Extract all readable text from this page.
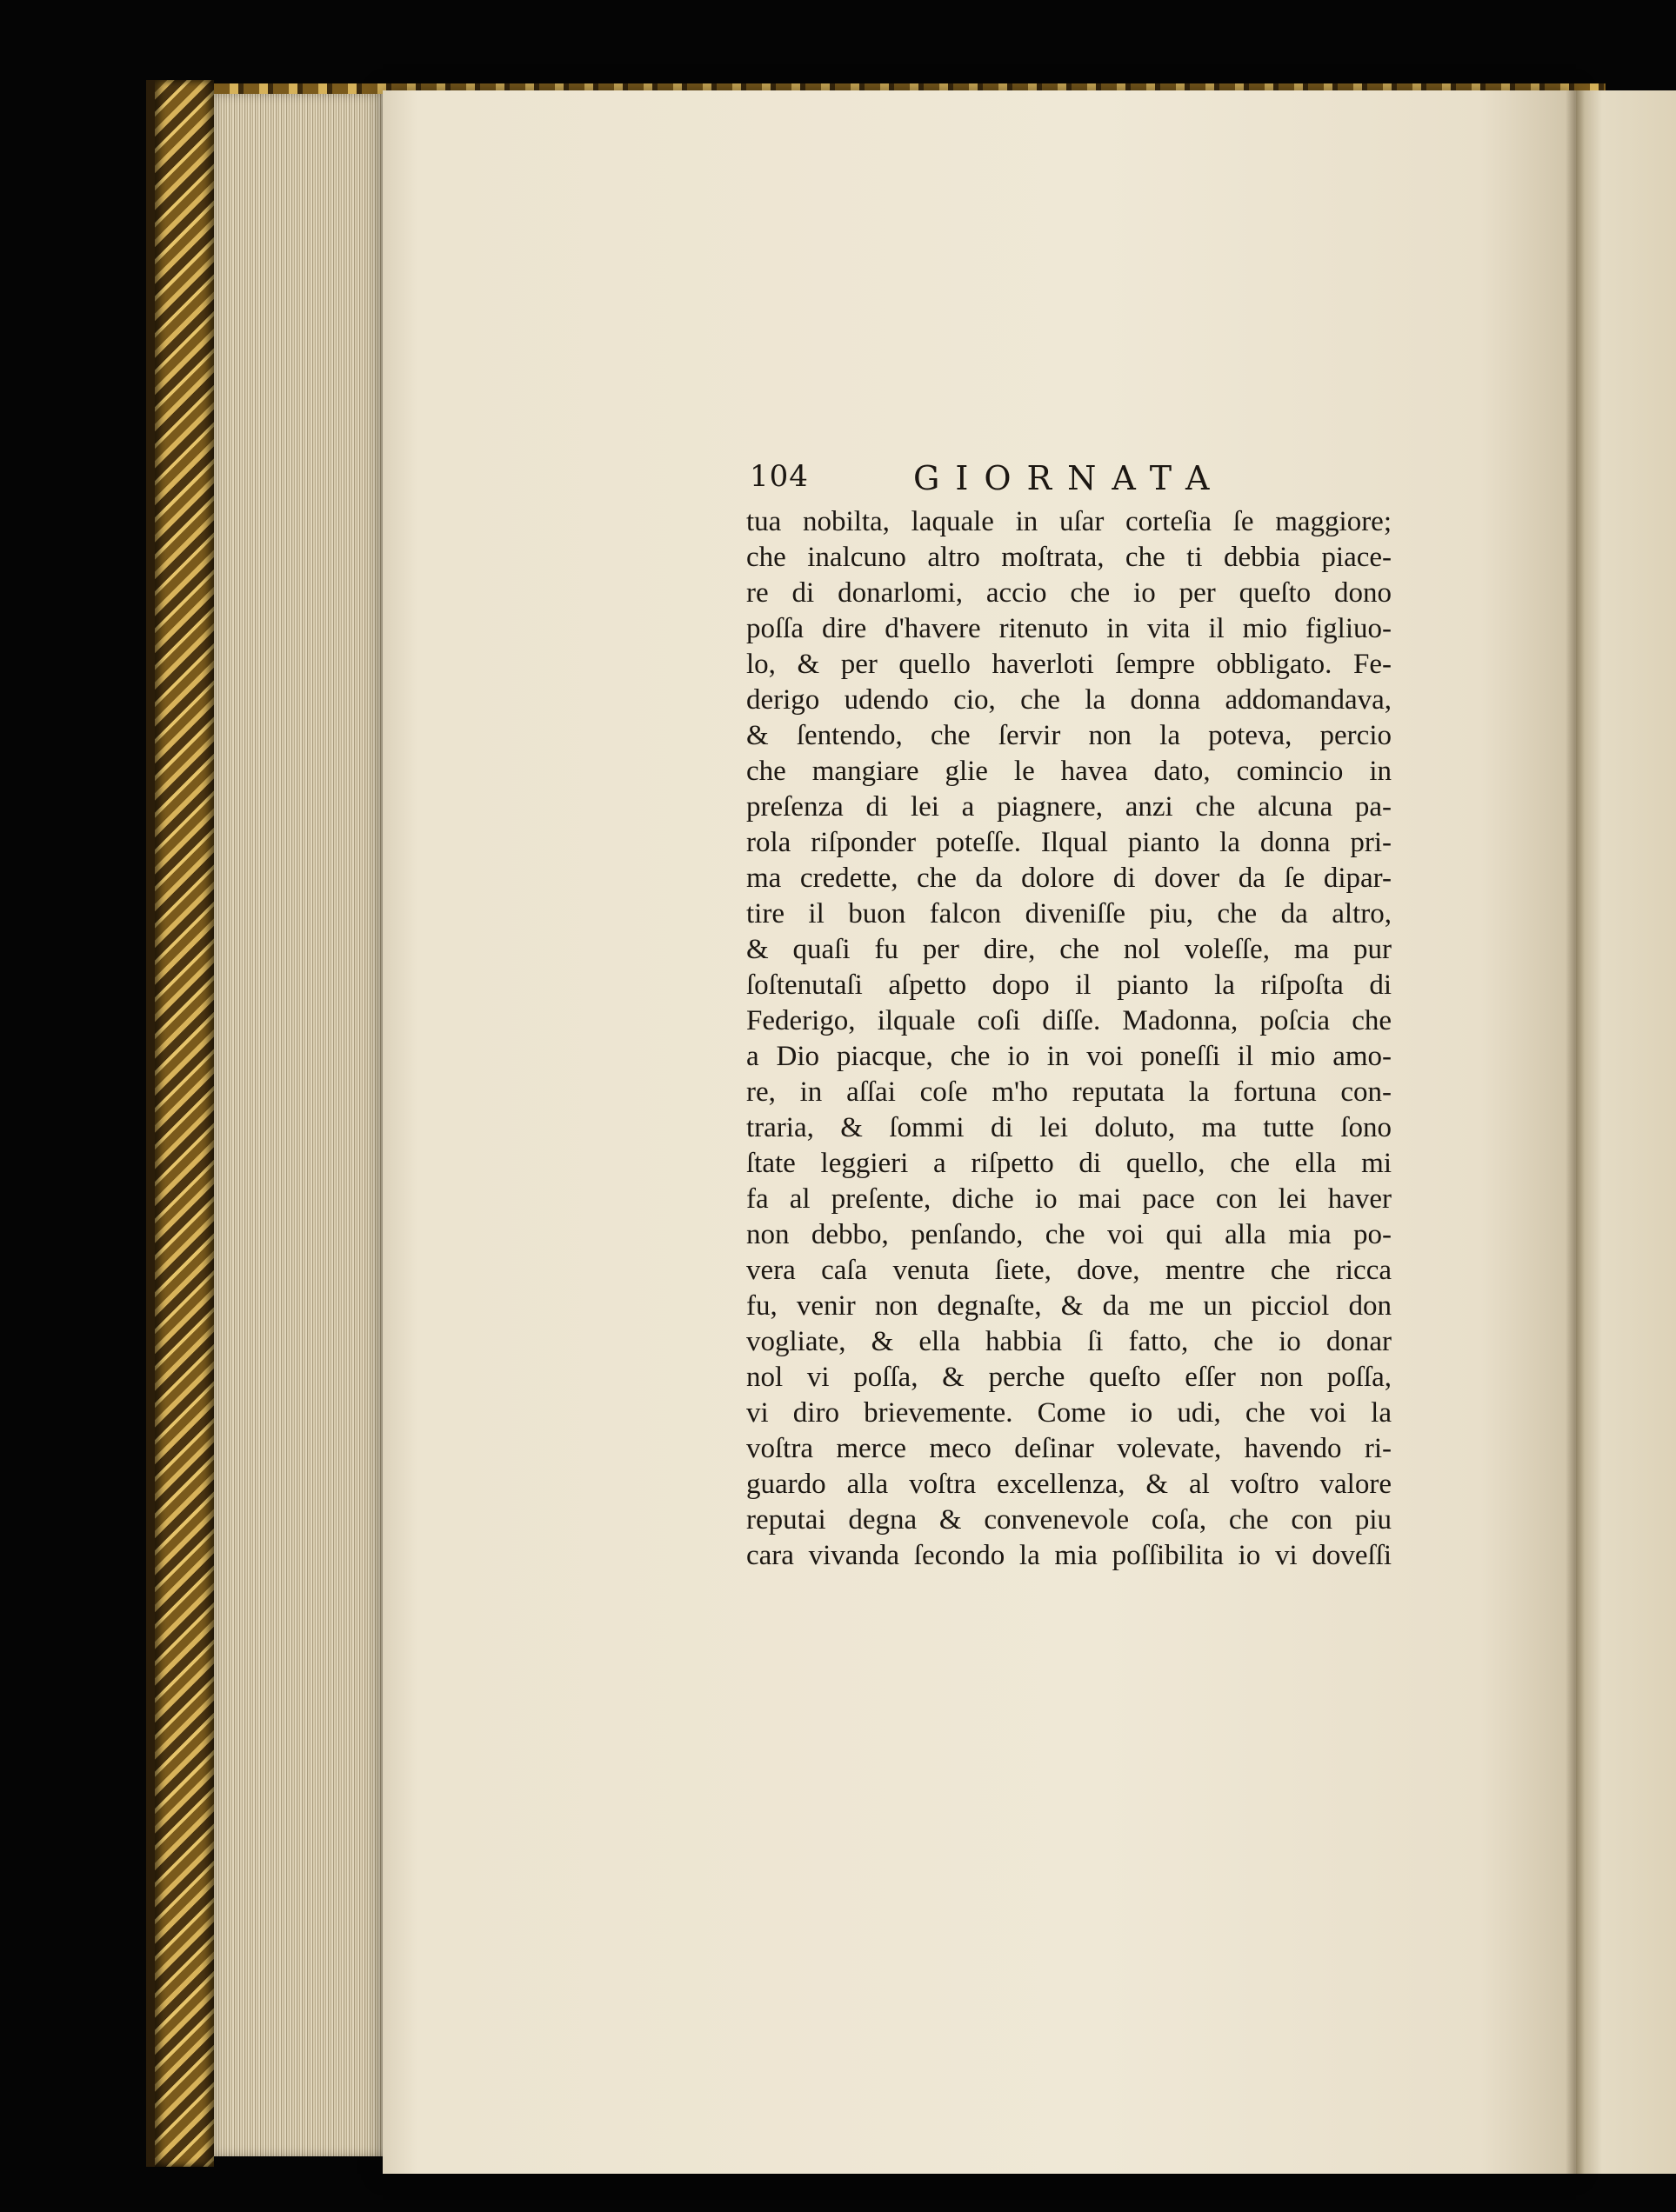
104	GIORNATA
tua nobilta, laquale in uſar corteſia ſe maggiore;
che inalcuno altro moſtrata, che ti debbia piace-
re di donarlomi, accio che io per queſto dono
poſſa dire d'havere ritenuto in vita il mio figliuo-
lo, & per quello haverloti ſempre obbligato. Fe-
derigo udendo cio, che la donna addomandava,
& ſentendo, che ſervir non la poteva, percio
che mangiare glie le havea dato, comincio in
preſenza di lei a piagnere, anzi che alcuna pa-
rola riſponder poteſſe. Ilqual pianto la donna pri-
ma credette, che da dolore di dover da ſe dipar-
tire il buon falcon diveniſſe piu, che da altro,
& quaſi fu per dire, che nol voleſſe, ma pur
ſoſtenutaſi aſpetto dopo il pianto la riſpoſta di
Federigo, ilquale coſi diſſe. Madonna, poſcia che
a Dio piacque, che io in voi poneſſi il mio amo-
re, in aſſai coſe m'ho reputata la fortuna con-
traria, & ſommi di lei doluto, ma tutte ſono
ſtate leggieri a riſpetto di quello, che ella mi
fa al preſente, diche io mai pace con lei haver
non debbo, penſando, che voi qui alla mia po-
vera caſa venuta ſiete, dove, mentre che ricca
fu, venir non degnaſte, & da me un picciol don
vogliate, & ella habbia ſi fatto, che io donar
nol vi poſſa, & perche queſto eſſer non poſſa,
vi diro brievemente. Come io udi, che voi la
voſtra merce meco deſinar volevate, havendo ri-
guardo alla voſtra excellenza, & al voſtro valore
reputai degna & convenevole coſa, che con piu
cara vivanda ſecondo la mia poſſibilita io vi doveſſi
